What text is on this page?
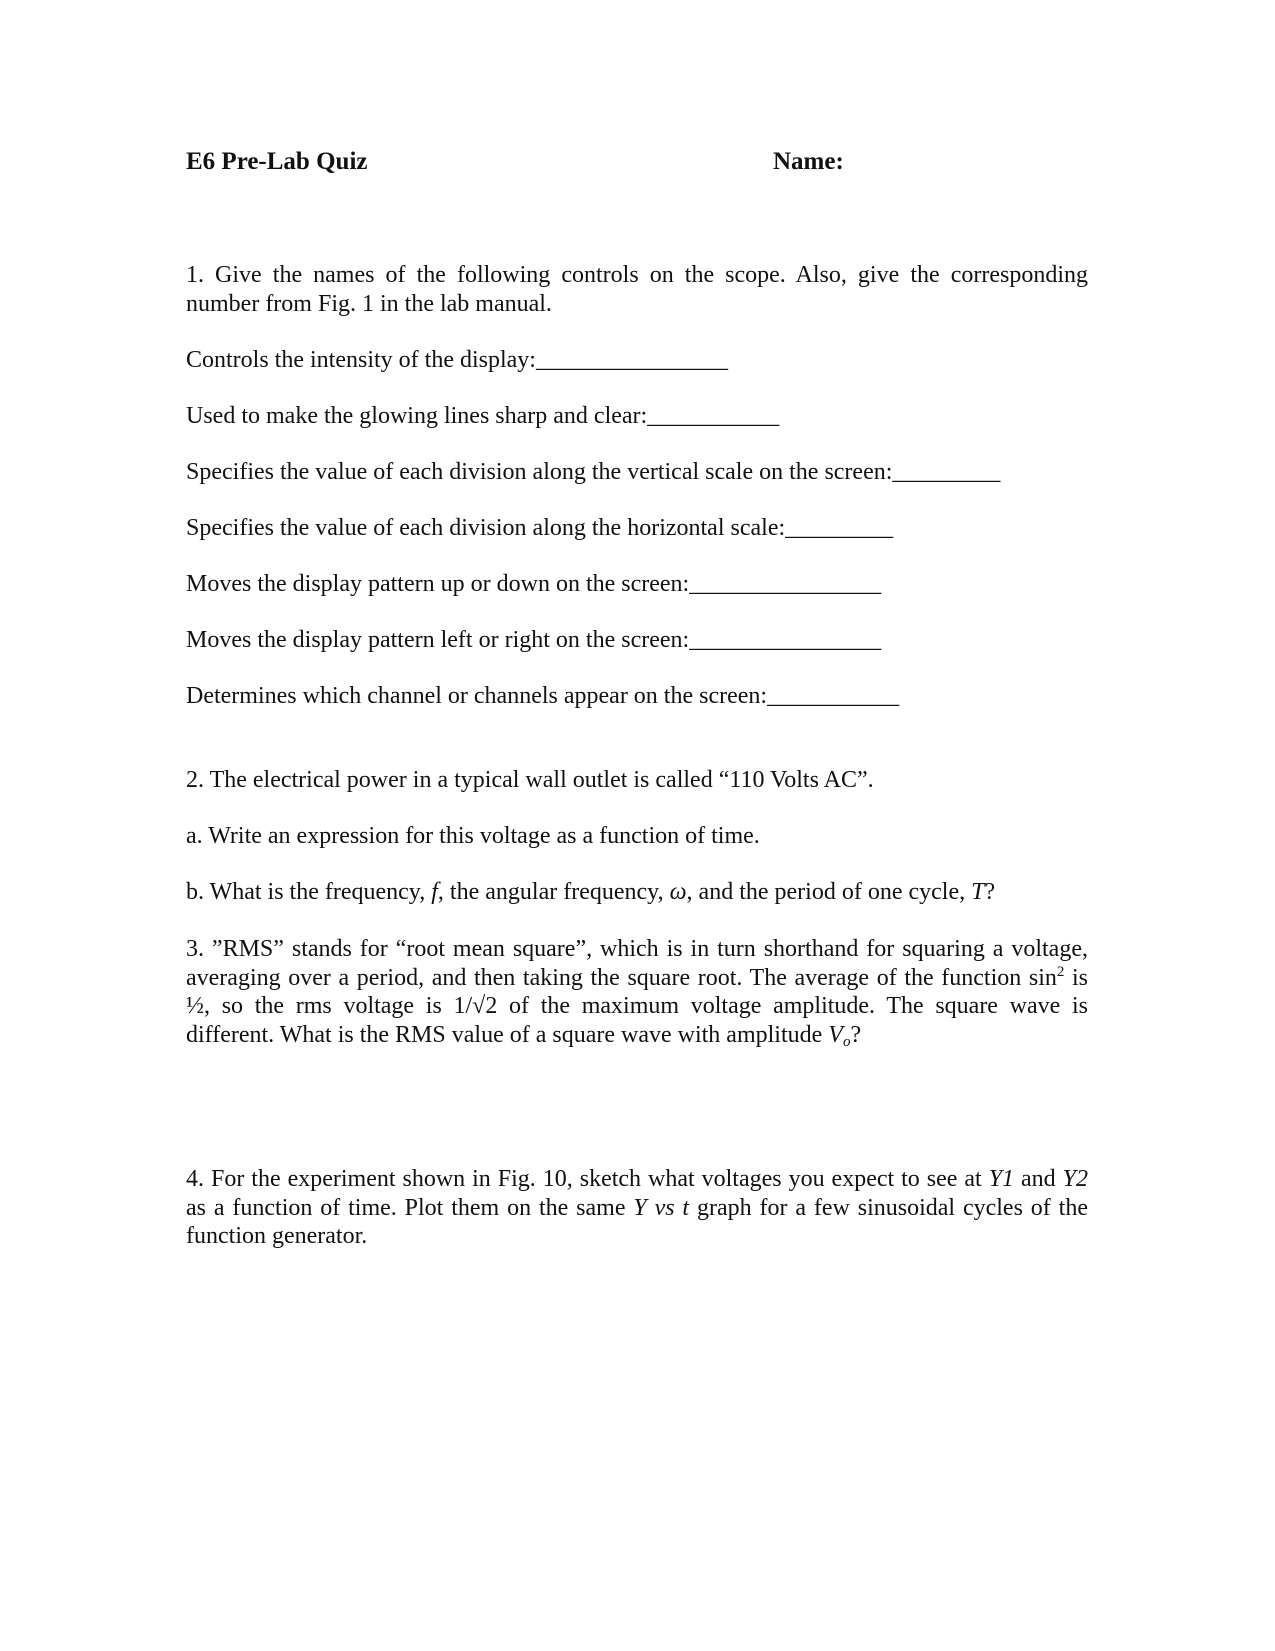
E6 Pre-Lab Quiz	Name:
1. Give the names of the following controls on the scope. Also, give the corresponding number from Fig. 1 in the lab manual.
Controls the intensity of the display:________________
Used to make the glowing lines sharp and clear:___________
Specifies the value of each division along the vertical scale on the screen:_________
Specifies the value of each division along the horizontal scale:_________
Moves the display pattern up or down on the screen:________________
Moves the display pattern left or right on the screen:________________
Determines which channel or channels appear on the screen:___________
2. The electrical power in a typical wall outlet is called “110 Volts AC”.
a. Write an expression for this voltage as a function of time.
b. What is the frequency, f, the angular frequency, ω, and the period of one cycle, T?
3. ”RMS” stands for “root mean square”, which is in turn shorthand for squaring a voltage, averaging over a period, and then taking the square root. The average of the function $\sin^2$ is ½, so the rms voltage is 1/√2 of the maximum voltage amplitude. The square wave is different. What is the RMS value of a square wave with amplitude $V_o$?
4. For the experiment shown in Fig. 10, sketch what voltages you expect to see at Y1 and Y2 as a function of time. Plot them on the same Y vs t graph for a few sinusoidal cycles of the function generator.
